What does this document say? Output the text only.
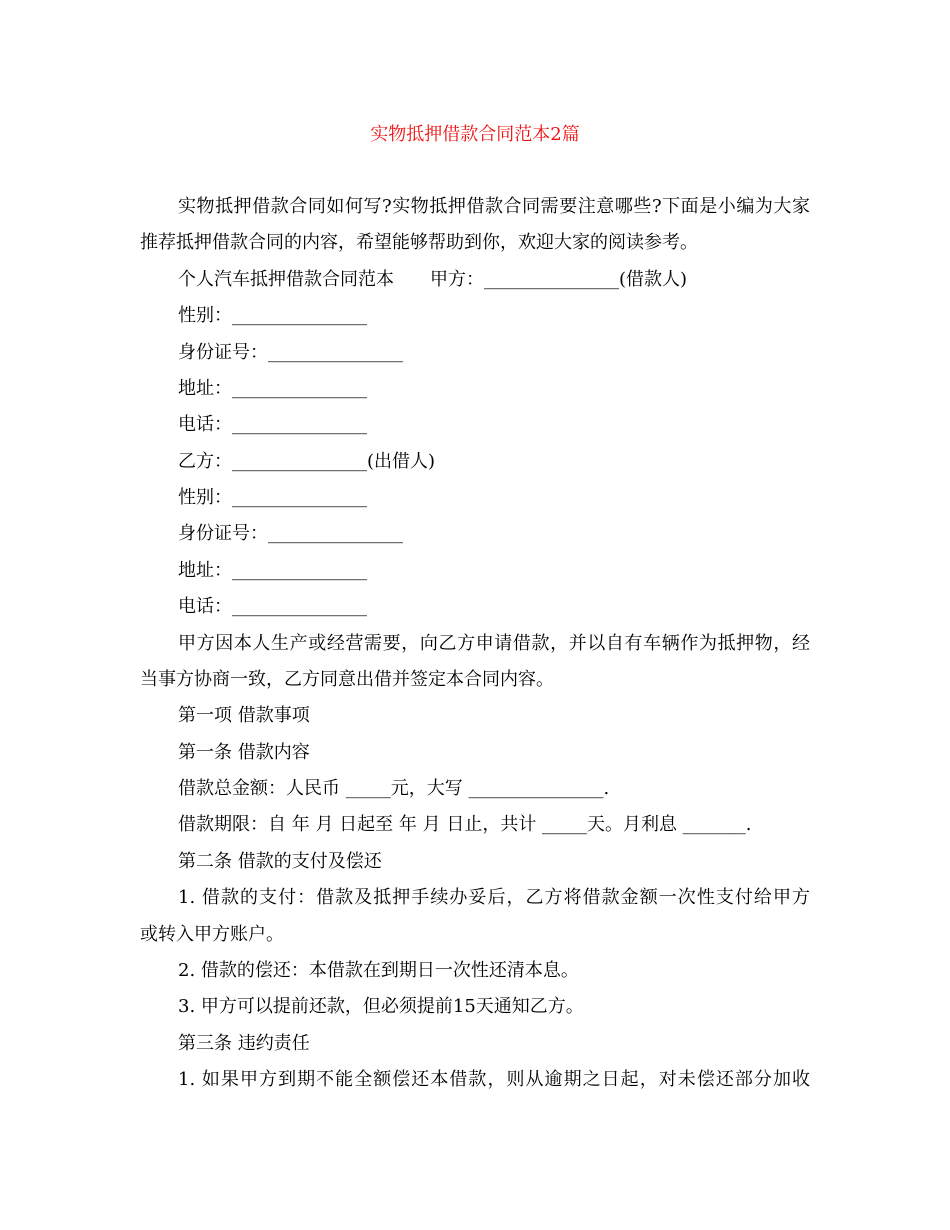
实物抵押借款合同范本2篇
实物抵押借款合同如何写?实物抵押借款合同需要注意哪些?下面是小编为大家
推荐抵押借款合同的内容，希望能够帮助到你，欢迎大家的阅读参考。
个人汽车抵押借款合同范本　　甲方：_______________(借款人)
性别：_______________
身份证号：_______________
地址：_______________
电话：_______________
乙方：_______________(出借人)
性别：_______________
身份证号：_______________
地址：_______________
电话：_______________
甲方因本人生产或经营需要，向乙方申请借款，并以自有车辆作为抵押物，经
当事方协商一致，乙方同意出借并签定本合同内容。
第一项 借款事项
第一条 借款内容
借款总金额：人民币 _____元，大写 _______________.
借款期限：自 年 月 日起至 年 月 日止，共计 _____天。月利息 _______.
第二条 借款的支付及偿还
1. 借款的支付：借款及抵押手续办妥后，乙方将借款金额一次性支付给甲方
或转入甲方账户。
2. 借款的偿还：本借款在到期日一次性还清本息。
3. 甲方可以提前还款，但必须提前15天通知乙方。
第三条 违约责任
1. 如果甲方到期不能全额偿还本借款，则从逾期之日起，对未偿还部分加收
